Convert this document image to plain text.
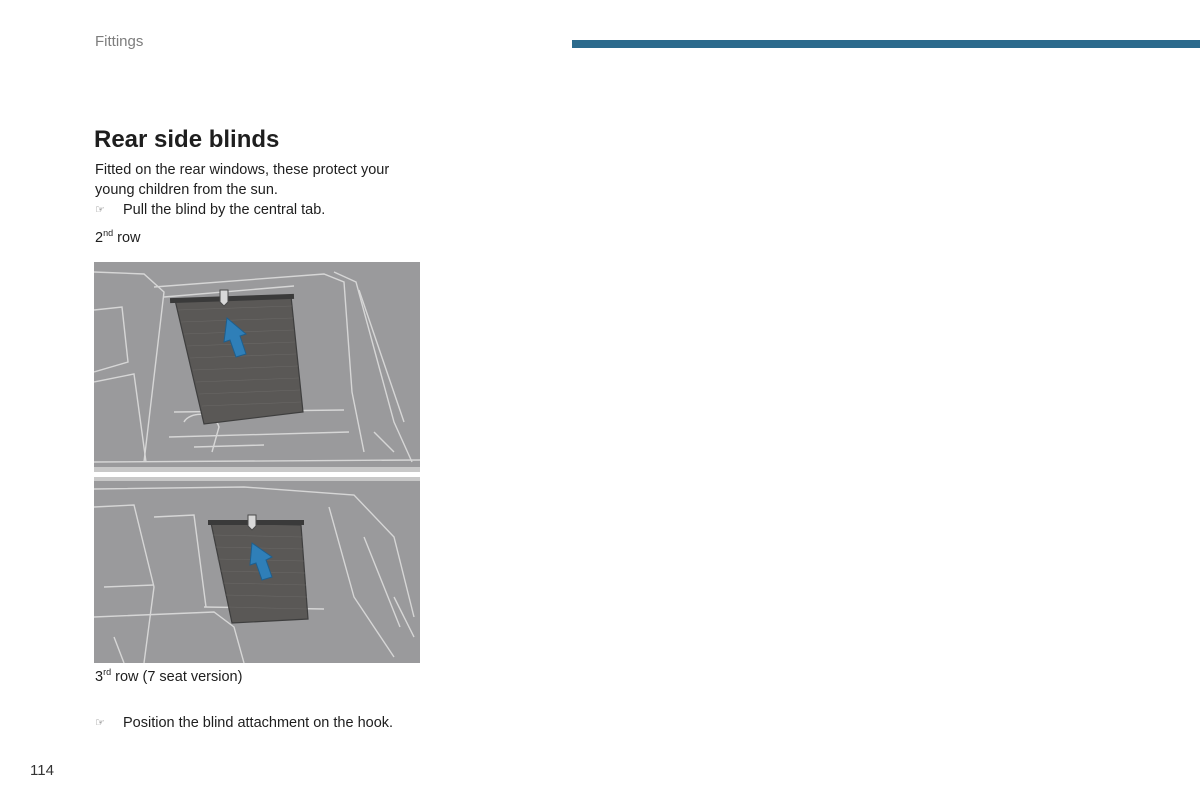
Fittings
Rear side blinds

Fitted on the rear windows, these protect your young children from the sun.

☞ Pull the blind by the central tab.
2nd row
3rd row (7 seat version)
☞ Position the blind attachment on the hook.
114
